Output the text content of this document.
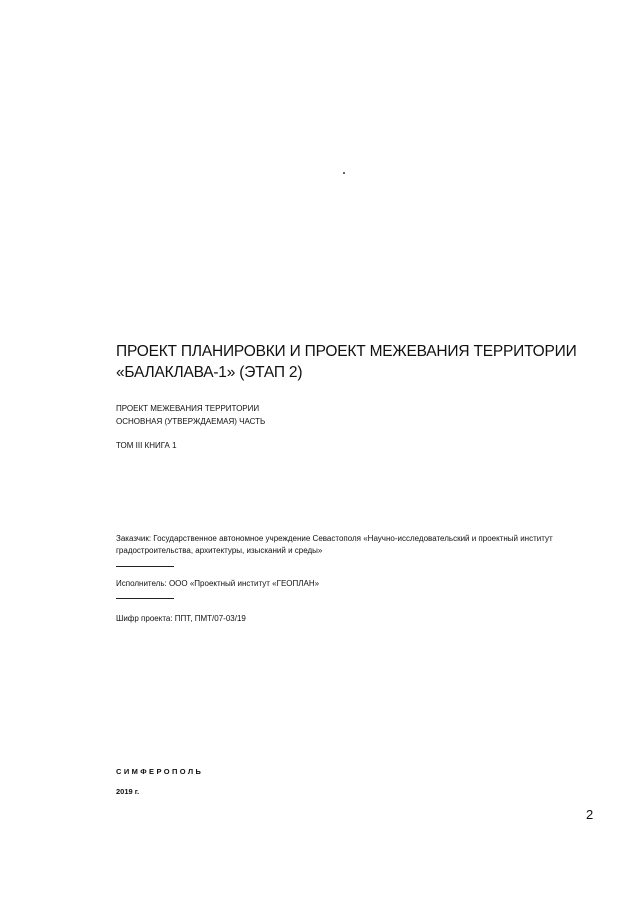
ПРОЕКТ ПЛАНИРОВКИ И ПРОЕКТ МЕЖЕВАНИЯ ТЕРРИТОРИИ
«БАЛАКЛАВА-1» (ЭТАП 2)
ПРОЕКТ МЕЖЕВАНИЯ ТЕРРИТОРИИ
ОСНОВНАЯ (УТВЕРЖДАЕМАЯ) ЧАСТЬ
ТОМ III КНИГА 1
Заказчик: Государственное автономное учреждение Севастополя «Научно-исследовательский и проектный институт
градостроительства, архитектуры, изысканий и среды»
Исполнитель: ООО «Проектный институт «ГЕОПЛАН»
Шифр проекта: ППТ, ПМТ/07-03/19
СИМФЕРОПОЛЬ
2019 г.
2
